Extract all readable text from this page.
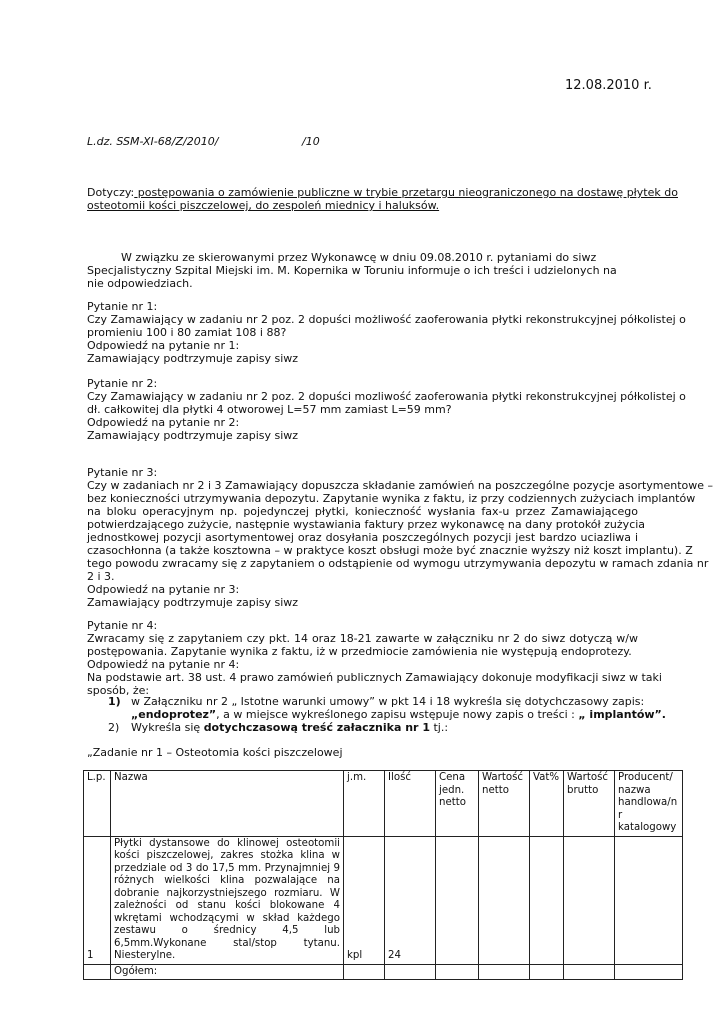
12.08.2010 r.
L.dz. SSM-XI-68/Z/2010/	/10
Dotyczy: postępowania o zamówienie publiczne w trybie przetargu nieograniczonego na dostawę płytek do
osteotomii kości piszczelowej, do zespoleń miednicy i haluksów.
W związku ze skierowanymi przez Wykonawcę w dniu 09.08.2010 r. pytaniami do siwz
Specjalistyczny Szpital Miejski im. M. Kopernika w Toruniu informuje o ich treści i udzielonych na
nie odpowiedziach.
Pytanie nr 1:
Czy Zamawiający w zadaniu nr 2 poz. 2 dopuści możliwość zaoferowania płytki rekonstrukcyjnej półkolistej o
promieniu 100 i 80 zamiat 108 i 88?
Odpowiedź na pytanie nr 1:
Zamawiający podtrzymuje zapisy siwz
Pytanie nr 2:
Czy Zamawiający w zadaniu nr 2 poz. 2 dopuści mozliwość zaoferowania płytki rekonstrukcyjnej półkolistej o
dł. całkowitej dla płytki 4 otworowej L=57 mm zamiast L=59 mm?
Odpowiedź na pytanie nr 2:
Zamawiający podtrzymuje zapisy siwz
Pytanie nr 3:
Czy w zadaniach nr 2 i 3 Zamawiający dopuszcza składanie zamówień na poszczególne pozycje asortymentowe –
bez konieczności utrzymywania depozytu. Zapytanie wynika z faktu, iz przy codziennych zużyciach implantów
na bloku operacyjnym np. pojedynczej płytki, konieczność wysłania fax-u przez Zamawiającego
potwierdzającego zużycie, następnie wystawiania faktury przez wykonawcę na dany protokół zużycia
jednostkowej pozycji asortymentowej oraz dosyłania poszczególnych pozycji jest bardzo uciazliwa i
czasochłonna (a także kosztowna – w praktyce koszt obsługi może być znacznie wyższy niż koszt implantu). Z
tego powodu zwracamy się z zapytaniem o odstąpienie od wymogu utrzymywania depozytu w ramach zdania nr
2 i 3.
Odpowiedź na pytanie nr 3:
Zamawiający podtrzymuje zapisy siwz
Pytanie nr 4:
Zwracamy się z zapytaniem czy pkt. 14 oraz 18-21 zawarte w załączniku nr 2 do siwz dotyczą w/w
postępowania. Zapytanie wynika z faktu, iż w przedmiocie zamówienia nie występują endoprotezy.
Odpowiedź na pytanie nr 4:
Na podstawie art. 38 ust. 4 prawo zamówień publicznych Zamawiający dokonuje modyfikacji siwz w taki
sposób, że:
1) w Załączniku nr 2 „ Istotne warunki umowy” w pkt 14 i 18 wykreśla się dotychczasowy zapis:
„endoprotez”, a w miejsce wykreślonego zapisu wstępuje nowy zapis o treści : „ implantów”.
2) Wykreśla się dotychczasową treść załacznika nr 1 tj.:
„Zadanie nr 1 – Osteotomia kości piszczelowej
L.p.	Nazwa	j.m.	Ilość	Cena jedn. netto	Wartość netto	Vat%	Wartość brutto	Producent/ nazwa handlowa/n r katalogowy
1	Płytki dystansowe do klinowej osteotomii kości piszczelowej, zakres stożka klina w przedziale od 3 do 17,5 mm. Przynajmniej 9 różnych wielkości klina pozwalające na dobranie najkorzystniejszego rozmiaru. W zależności od stanu kości blokowane 4 wkrętami wchodzącymi w skład każdego zestawu o średnicy 4,5 lub 6,5mm.Wykonane stal/stop tytanu. Niesterylne.	kpl	24					
	Ogółem:							
